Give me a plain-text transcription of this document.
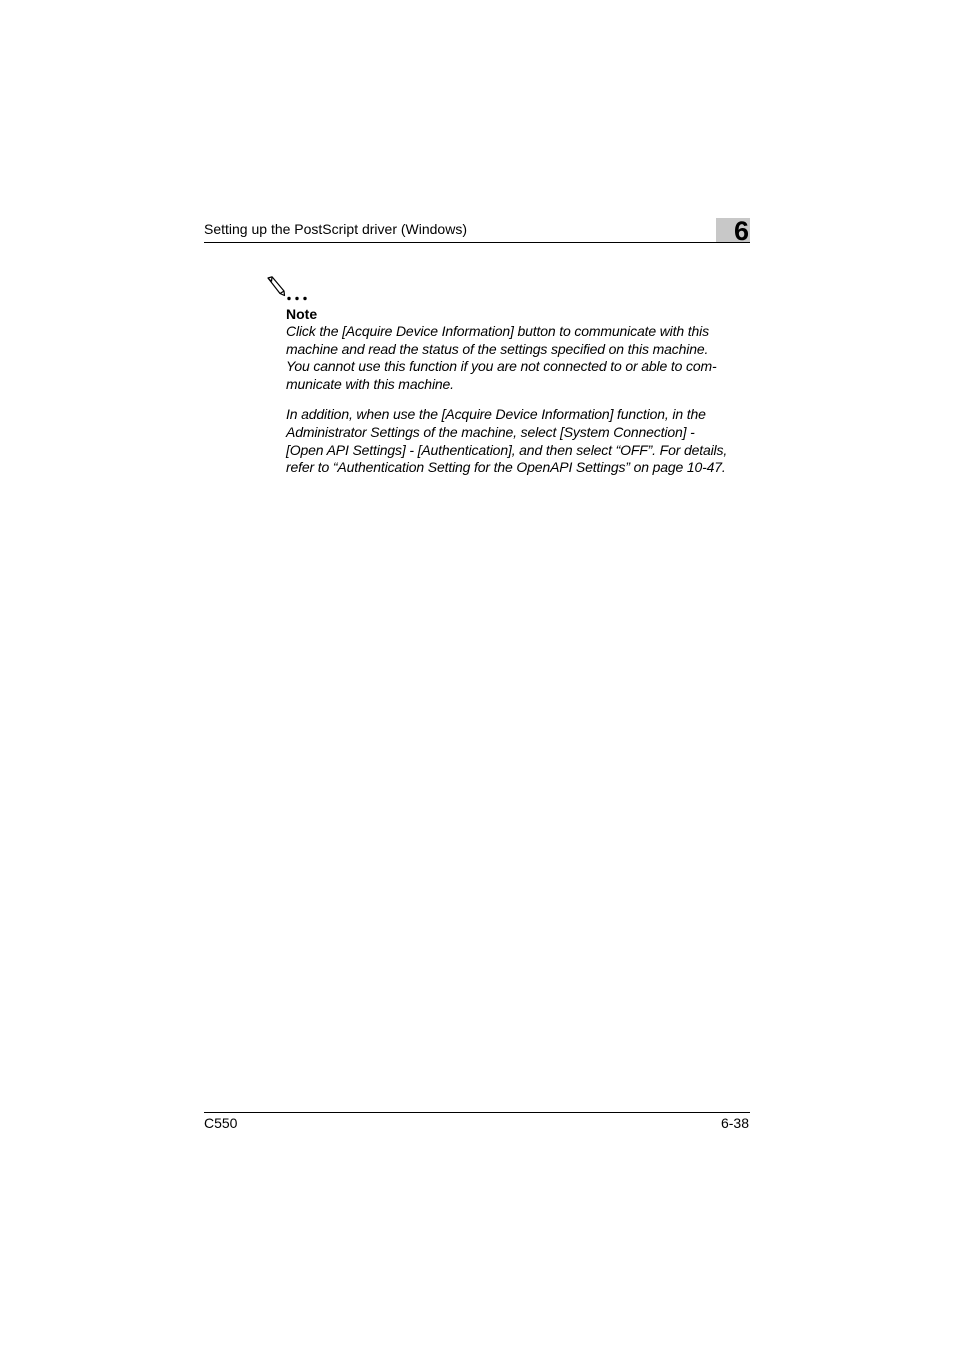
Setting up the PostScript driver (Windows)	6
Note

Click the [Acquire Device Information] button to communicate with this
machine and read the status of the settings specified on this machine.
You cannot use this function if you are not connected to or able to com-
municate with this machine.

In addition, when use the [Acquire Device Information] function, in the
Administrator Settings of the machine, select [System Connection] -
[Open API Settings] - [Authentication], and then select “OFF”. For details,
refer to “Authentication Setting for the OpenAPI Settings” on page 10-47.

C550	6-38
